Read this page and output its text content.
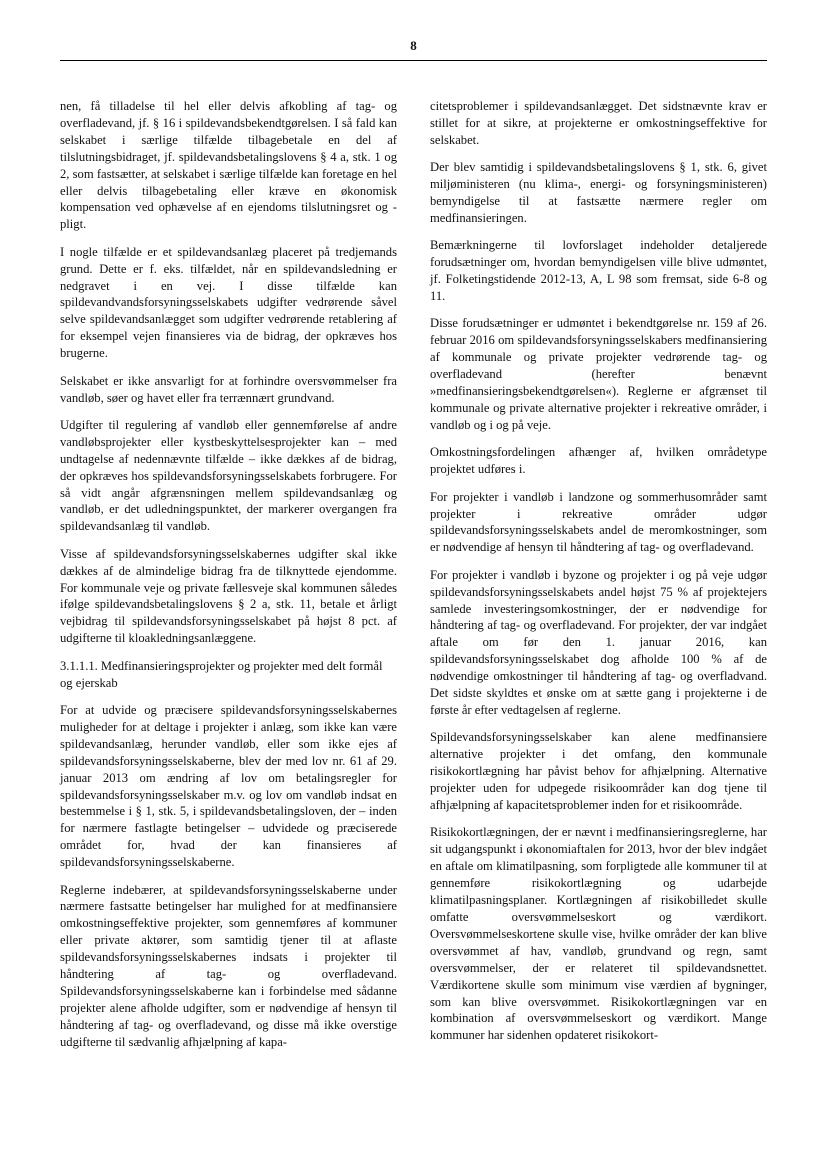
8

nen, få tilladelse til hel eller delvis afkobling af tag- og overfladevand, jf. § 16 i spildevandsbekendtgørelsen. I så fald kan selskabet i særlige tilfælde tilbagebetale en del af tilslutningsbidraget, jf. spildevandsbetalingslovens § 4 a, stk. 1 og 2, som fastsætter, at selskabet i særlige tilfælde kan foretage en hel eller delvis tilbagebetaling eller kræve en økonomisk kompensation ved ophævelse af en ejendoms tilslutningsret og -pligt.

I nogle tilfælde er et spildevandsanlæg placeret på tredjemands grund. Dette er f. eks. tilfældet, når en spildevandsledning er nedgravet i en vej. I disse tilfælde kan spildevandvandsforsyningsselskabets udgifter vedrørende såvel selve spildevandsanlægget som udgifter vedrørende retablering af for eksempel vejen finansieres via de bidrag, der opkræves hos brugerne.

Selskabet er ikke ansvarligt for at forhindre oversvømmelser fra vandløb, søer og havet eller fra terrænnært grundvand.

Udgifter til regulering af vandløb eller gennemførelse af andre vandløbsprojekter eller kystbeskyttelsesprojekter kan – med undtagelse af nedennævnte tilfælde – ikke dækkes af de bidrag, der opkræves hos spildevandsforsyningsselskabets forbrugere. For så vidt angår afgrænsningen mellem spildevandsanlæg og vandløb, er det udledningspunktet, der markerer overgangen fra spildevandsanlæg til vandløb.

Visse af spildevandsforsyningsselskabernes udgifter skal ikke dækkes af de almindelige bidrag fra de tilknyttede ejendomme. For kommunale veje og private fællesveje skal kommunen således ifølge spildevandsbetalingslovens § 2 a, stk. 11, betale et årligt vejbidrag til spildevandsforsyningsselskabet på højst 8 pct. af udgifterne til kloakledningsanlæggene.

3.1.1.1. Medfinansieringsprojekter og projekter med delt formål og ejerskab

For at udvide og præcisere spildevandsforsyningsselskabernes muligheder for at deltage i projekter i anlæg, som ikke kan være spildevandsanlæg, herunder vandløb, eller som ikke ejes af spildevandsforsyningsselskaberne, blev der med lov nr. 61 af 29. januar 2013 om ændring af lov om betalingsregler for spildevandsforsyningsselskaber m.v. og lov om vandløb indsat en bestemmelse i § 1, stk. 5, i spildevandsbetalingsloven, der – inden for nærmere fastlagte betingelser – udvidede og præciserede området for, hvad der kan finansieres af spildevandsforsyningsselskaberne.

Reglerne indebærer, at spildevandsforsyningsselskaberne under nærmere fastsatte betingelser har mulighed for at medfinansiere omkostningseffektive projekter, som gennemføres af kommuner eller private aktører, som samtidig tjener til at aflaste spildevandsforsyningsselskabernes indsats i projekter til håndtering af tag- og overfladevand. Spildevandsforsyningsselskaberne kan i forbindelse med sådanne projekter alene afholde udgifter, som er nødvendige af hensyn til håndtering af tag- og overfladevand, og disse må ikke overstige udgifterne til sædvanlig afhjælpning af kapa-

citetsproblemer i spildevandsanlægget. Det sidstnævnte krav er stillet for at sikre, at projekterne er omkostningseffektive for selskabet.

Der blev samtidig i spildevandsbetalingslovens § 1, stk. 6, givet miljøministeren (nu klima-, energi- og forsyningsministeren) bemyndigelse til at fastsætte nærmere regler om medfinansieringen.

Bemærkningerne til lovforslaget indeholder detaljerede forudsætninger om, hvordan bemyndigelsen ville blive udmøntet, jf. Folketingstidende 2012-13, A, L 98 som fremsat, side 6-8 og 11.

Disse forudsætninger er udmøntet i bekendtgørelse nr. 159 af 26. februar 2016 om spildevandsforsyningsselskabers medfinansiering af kommunale og private projekter vedrørende tag- og overfladevand (herefter benævnt »medfinansieringsbekendtgørelsen«). Reglerne er afgrænset til kommunale og private alternative projekter i rekreative områder, i vandløb og i og på veje.

Omkostningsfordelingen afhænger af, hvilken områdetype projektet udføres i.

For projekter i vandløb i landzone og sommerhusområder samt projekter i rekreative områder udgør spildevandsforsyningsselskabets andel de meromkostninger, som er nødvendige af hensyn til håndtering af tag- og overfladevand.

For projekter i vandløb i byzone og projekter i og på veje udgør spildevandsforsyningsselskabets andel højst 75 % af projektejers samlede investeringsomkostninger, der er nødvendige for håndtering af tag- og overfladevand. For projekter, der var indgået aftale om før den 1. januar 2016, kan spildevandsforsyningsselskabet dog afholde 100 % af de nødvendige omkostninger til håndtering af tag- og overfladvand. Det sidste skyldtes et ønske om at sætte gang i projekterne i de første år efter vedtagelsen af reglerne.

Spildevandsforsyningsselskaber kan alene medfinansiere alternative projekter i det omfang, den kommunale risikokortlægning har påvist behov for afhjælpning. Alternative projekter uden for udpegede risikoområder kan dog tjene til afhjælpning af kapacitetsproblemer inden for et risikoområde.

Risikokortlægningen, der er nævnt i medfinansieringsreglerne, har sit udgangspunkt i økonomiaftalen for 2013, hvor der blev indgået en aftale om klimatilpasning, som forpligtede alle kommuner til at gennemføre risikokortlægning og udarbejde klimatilpasningsplaner. Kortlægningen af risikobilledet skulle omfatte oversvømmelseskort og værdikort. Oversvømmelseskortene skulle vise, hvilke områder der kan blive oversvømmet af hav, vandløb, grundvand og regn, samt oversvømmelser, der er relateret til spildevandsnettet. Værdikortene skulle som minimum vise værdien af bygninger, som kan blive oversvømmet. Risikokortlægningen var en kombination af oversvømmelseskort og værdikort. Mange kommuner har sidenhen opdateret risikokort-
